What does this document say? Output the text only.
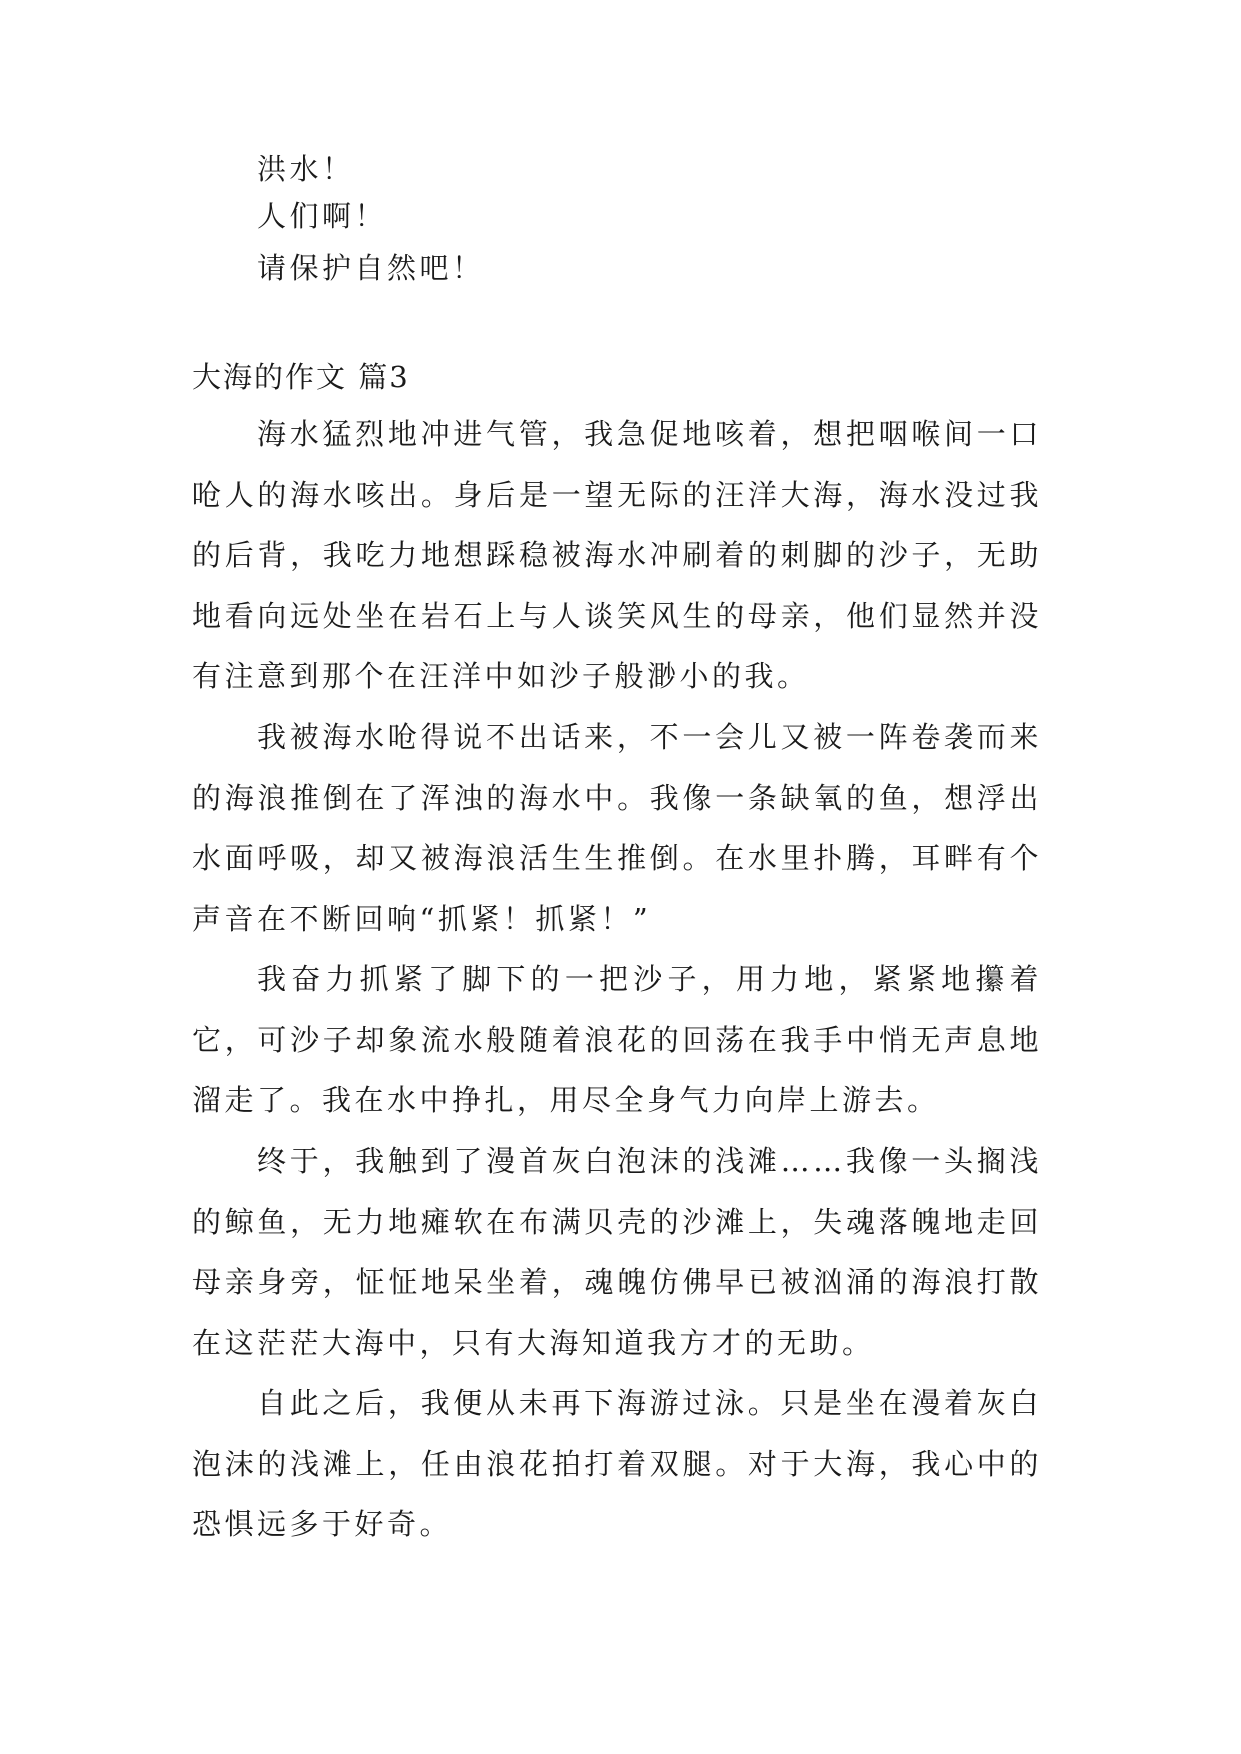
洪水！
人们啊！
请保护自然吧！
大海的作文 篇3

海水猛烈地冲进气管，我急促地咳着，想把咽喉间一口呛人的海水咳出。身后是一望无际的汪洋大海，海水没过我的后背，我吃力地想踩稳被海水冲刷着的刺脚的沙子，无助地看向远处坐在岩石上与人谈笑风生的母亲，他们显然并没有注意到那个在汪洋中如沙子般渺小的我。

我被海水呛得说不出话来，不一会儿又被一阵卷袭而来的海浪推倒在了浑浊的海水中。我像一条缺氧的鱼，想浮出水面呼吸，却又被海浪活生生推倒。在水里扑腾，耳畔有个声音在不断回响“抓紧！抓紧！”

我奋力抓紧了脚下的一把沙子，用力地，紧紧地攥着它，可沙子却象流水般随着浪花的回荡在我手中悄无声息地溜走了。我在水中挣扎，用尽全身气力向岸上游去。

终于，我触到了漫首灰白泡沫的浅滩……我像一头搁浅的鲸鱼，无力地瘫软在布满贝壳的沙滩上，失魂落魄地走回母亲身旁，怔怔地呆坐着，魂魄仿佛早已被汹涌的海浪打散在这茫茫大海中，只有大海知道我方才的无助。

自此之后，我便从未再下海游过泳。只是坐在漫着灰白泡沫的浅滩上，任由浪花拍打着双腿。对于大海，我心中的恐惧远多于好奇。
